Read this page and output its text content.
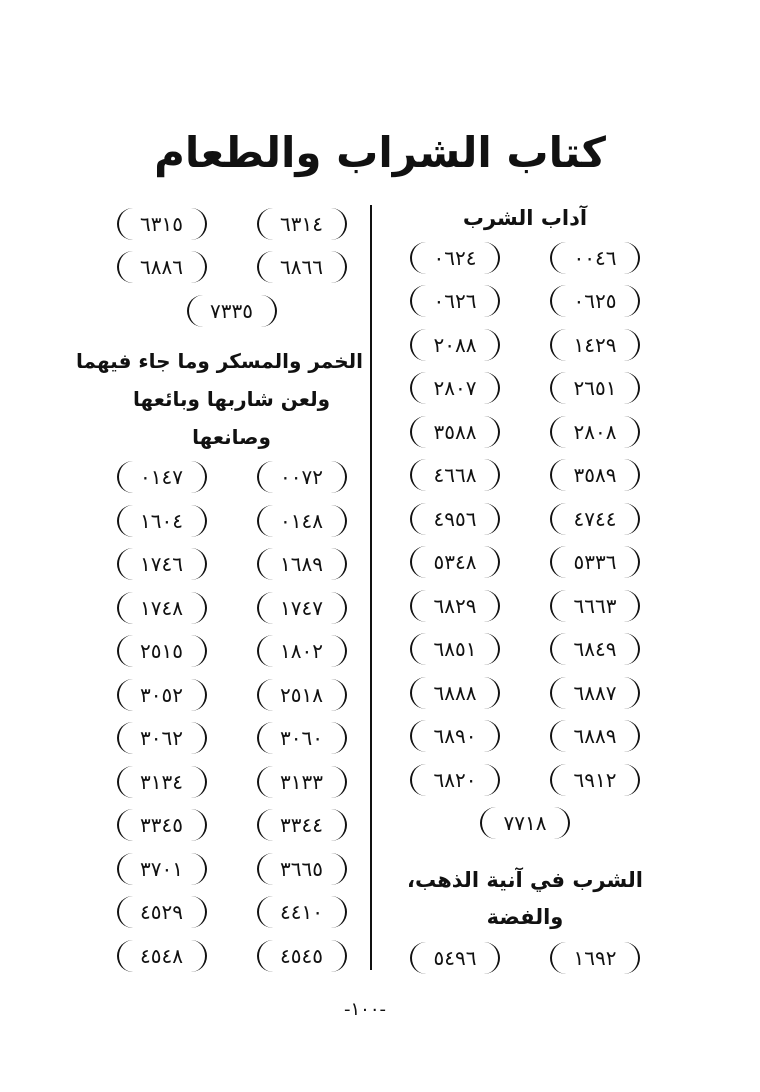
كتاب الشراب والطعام
آداب الشرب
٠٠٤٦
٠٦٢٤
٠٦٢٥
٠٦٢٦
١٤٢٩
٢٠٨٨
٢٦٥١
٢٨٠٧
٢٨٠٨
٣٥٨٨
٣٥٨٩
٤٦٦٨
٤٧٤٤
٤٩٥٦
٥٣٣٦
٥٣٤٨
٦٦٦٣
٦٨٢٩
٦٨٤٩
٦٨٥١
٦٨٨٧
٦٨٨٨
٦٨٨٩
٦٨٩٠
٦٩١٢
٦٨٢٠
٧٧١٨
الشرب في آنية الذهب،
والفضة
١٦٩٢
٥٤٩٦
٦٣١٤
٦٣١٥
٦٨٦٦
٦٨٨٦
٧٣٣٥
الخمر والمسكر وما جاء فيهما
ولعن شاربها وبائعها
وصانعها
٠٠٧٢
٠١٤٧
٠١٤٨
١٦٠٤
١٦٨٩
١٧٤٦
١٧٤٧
١٧٤٨
١٨٠٢
٢٥١٥
٢٥١٨
٣٠٥٢
٣٠٦٠
٣٠٦٢
٣١٣٣
٣١٣٤
٣٣٤٤
٣٣٤٥
٣٦٦٥
٣٧٠١
٤٤١٠
٤٥٢٩
٤٥٤٥
٤٥٤٨
-١٠٠-
